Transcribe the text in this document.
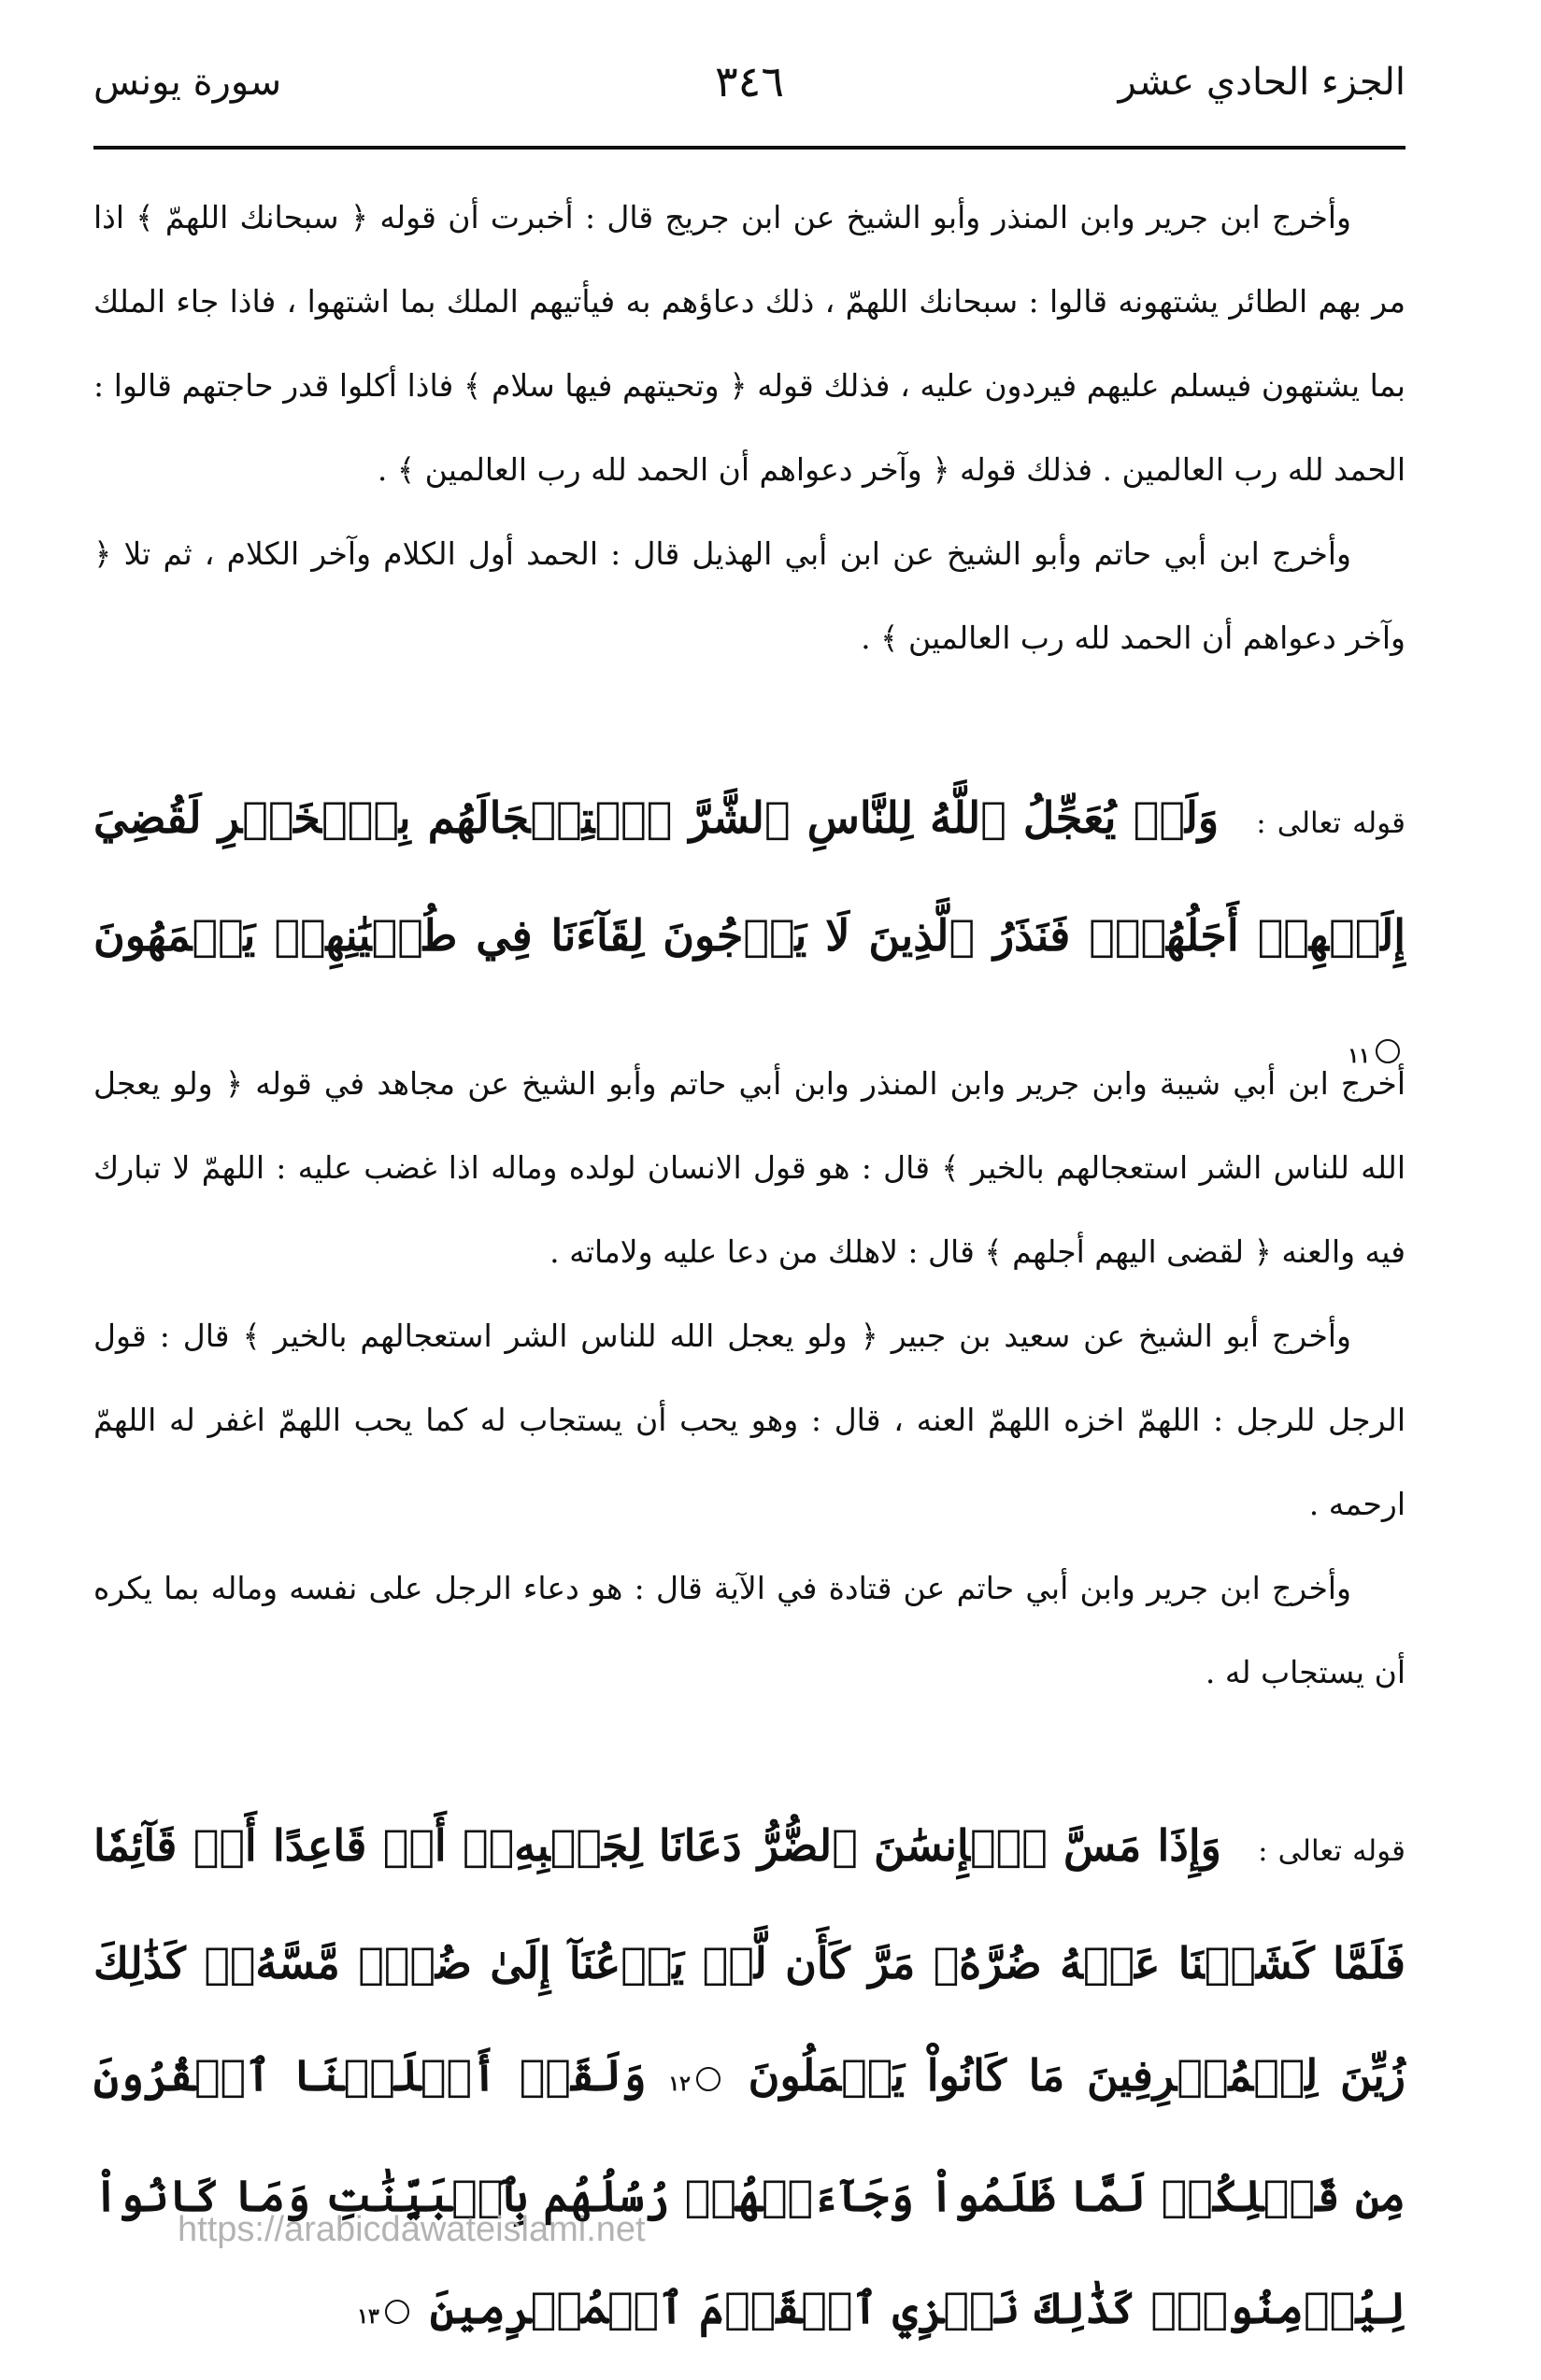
الجزء الحادي عشر
٣٤٦
سورة يونس

وأخرج ابن جرير وابن المنذر وأبو الشيخ عن ابن جريج قال : أخبرت أن قوله ﴿ سبحانك اللهمّ ﴾ اذا مر بهم الطائر يشتهونه قالوا : سبحانك اللهمّ ، ذلك دعاؤهم به فيأتيهم الملك بما اشتهوا ، فاذا جاء الملك بما يشتهون فيسلم عليهم فيردون عليه ، فذلك قوله ﴿ وتحيتهم فيها سلام ﴾ فاذا أكلوا قدر حاجتهم قالوا : الحمد لله رب العالمين . فذلك قوله ﴿ وآخر دعواهم أن الحمد لله رب العالمين ﴾ .

وأخرج ابن أبي حاتم وأبو الشيخ عن ابن أبي الهذيل قال : الحمد أول الكلام وآخر الكلام ، ثم تلا ﴿ وآخر دعواهم أن الحمد لله رب العالمين ﴾ .

قوله تعالى : وَلَوۡ يُعَجِّلُ ٱللَّهُ لِلنَّاسِ ٱلشَّرَّ ٱسۡتِعۡجَالَهُم بِٱلۡخَيۡرِ لَقُضِيَ إِلَيۡهِمۡ أَجَلُهُمۡۖ فَنَذَرُ ٱلَّذِينَ لَا يَرۡجُونَ لِقَآءَنَا فِي طُغۡيَٰنِهِمۡ يَعۡمَهُونَ ١١

أخرج ابن أبي شيبة وابن جرير وابن المنذر وابن أبي حاتم وأبو الشيخ عن مجاهد في قوله ﴿ ولو يعجل الله للناس الشر استعجالهم بالخير ﴾ قال : هو قول الانسان لولده وماله اذا غضب عليه : اللهمّ لا تبارك فيه والعنه ﴿ لقضى اليهم أجلهم ﴾ قال : لاهلك من دعا عليه ولاماته .

وأخرج أبو الشيخ عن سعيد بن جبير ﴿ ولو يعجل الله للناس الشر استعجالهم بالخير ﴾ قال : قول الرجل للرجل : اللهمّ اخزه اللهمّ العنه ، قال : وهو يحب أن يستجاب له كما يحب اللهمّ اغفر له اللهمّ ارحمه .

وأخرج ابن جرير وابن أبي حاتم عن قتادة في الآية قال : هو دعاء الرجل على نفسه وماله بما يكره أن يستجاب له .

قوله تعالى : وَإِذَا مَسَّ ٱلۡإِنسَٰنَ ٱلضُّرُّ دَعَانَا لِجَنۢبِهِۦٓ أَوۡ قَاعِدًا أَوۡ قَآئِمٗا فَلَمَّا كَشَفۡنَا عَنۡهُ ضُرَّهُۥ مَرَّ كَأَن لَّمۡ يَدۡعُنَآ إِلَىٰ ضُرّٖ مَّسَّهُۥۚ كَذَٰلِكَ زُيِّنَ لِلۡمُسۡرِفِينَ مَا كَانُواْ يَعۡمَلُونَ ١٢ وَلَقَدۡ أَهۡلَكۡنَا ٱلۡقُرُونَ مِن قَبۡلِكُمۡ لَمَّا ظَلَمُواْ وَجَآءَتۡهُمۡ رُسُلُهُم بِٱلۡبَيِّنَٰتِ وَمَا كَانُواْ لِيُؤۡمِنُواْۚ كَذَٰلِكَ نَجۡزِي ٱلۡقَوۡمَ ٱلۡمُجۡرِمِينَ ١٣

https://arabicdawateislami.net
